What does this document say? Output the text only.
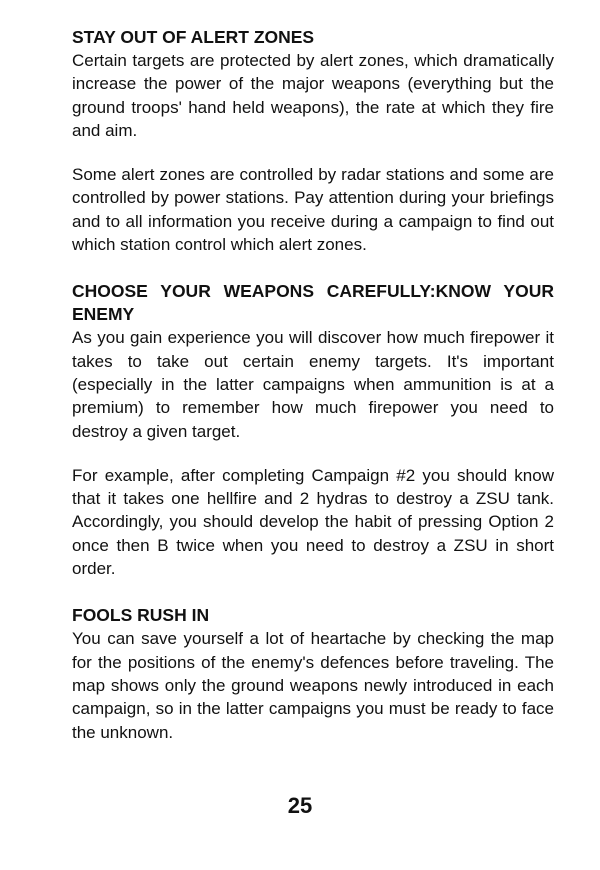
STAY OUT OF ALERT ZONES

Certain targets are protected by alert zones, which dramatically increase the power of the major weapons (everything but the ground troops' hand held weapons), the rate at which they fire and aim.

Some alert zones are controlled by radar stations and some are controlled by power stations. Pay attention during your briefings and to all information you receive during a campaign to find out which station control which alert zones.

CHOOSE YOUR WEAPONS CAREFULLY:KNOW YOUR ENEMY

As you gain experience you will discover how much firepower it takes to take out certain enemy targets. It's important (especially in the latter campaigns when ammunition is at a premium) to remember how much firepower you need to destroy a given target.

For example, after completing Campaign #2 you should know that it takes one hellfire and 2 hydras to destroy a ZSU tank. Accordingly, you should develop the habit of pressing Option 2 once then B twice when you need to destroy a ZSU in short order.

FOOLS RUSH IN

You can save yourself a lot of heartache by checking the map for the positions of the enemy's defences before traveling. The map shows only the ground weapons newly introduced in each campaign, so in the latter campaigns you must be ready to face the unknown.

25
